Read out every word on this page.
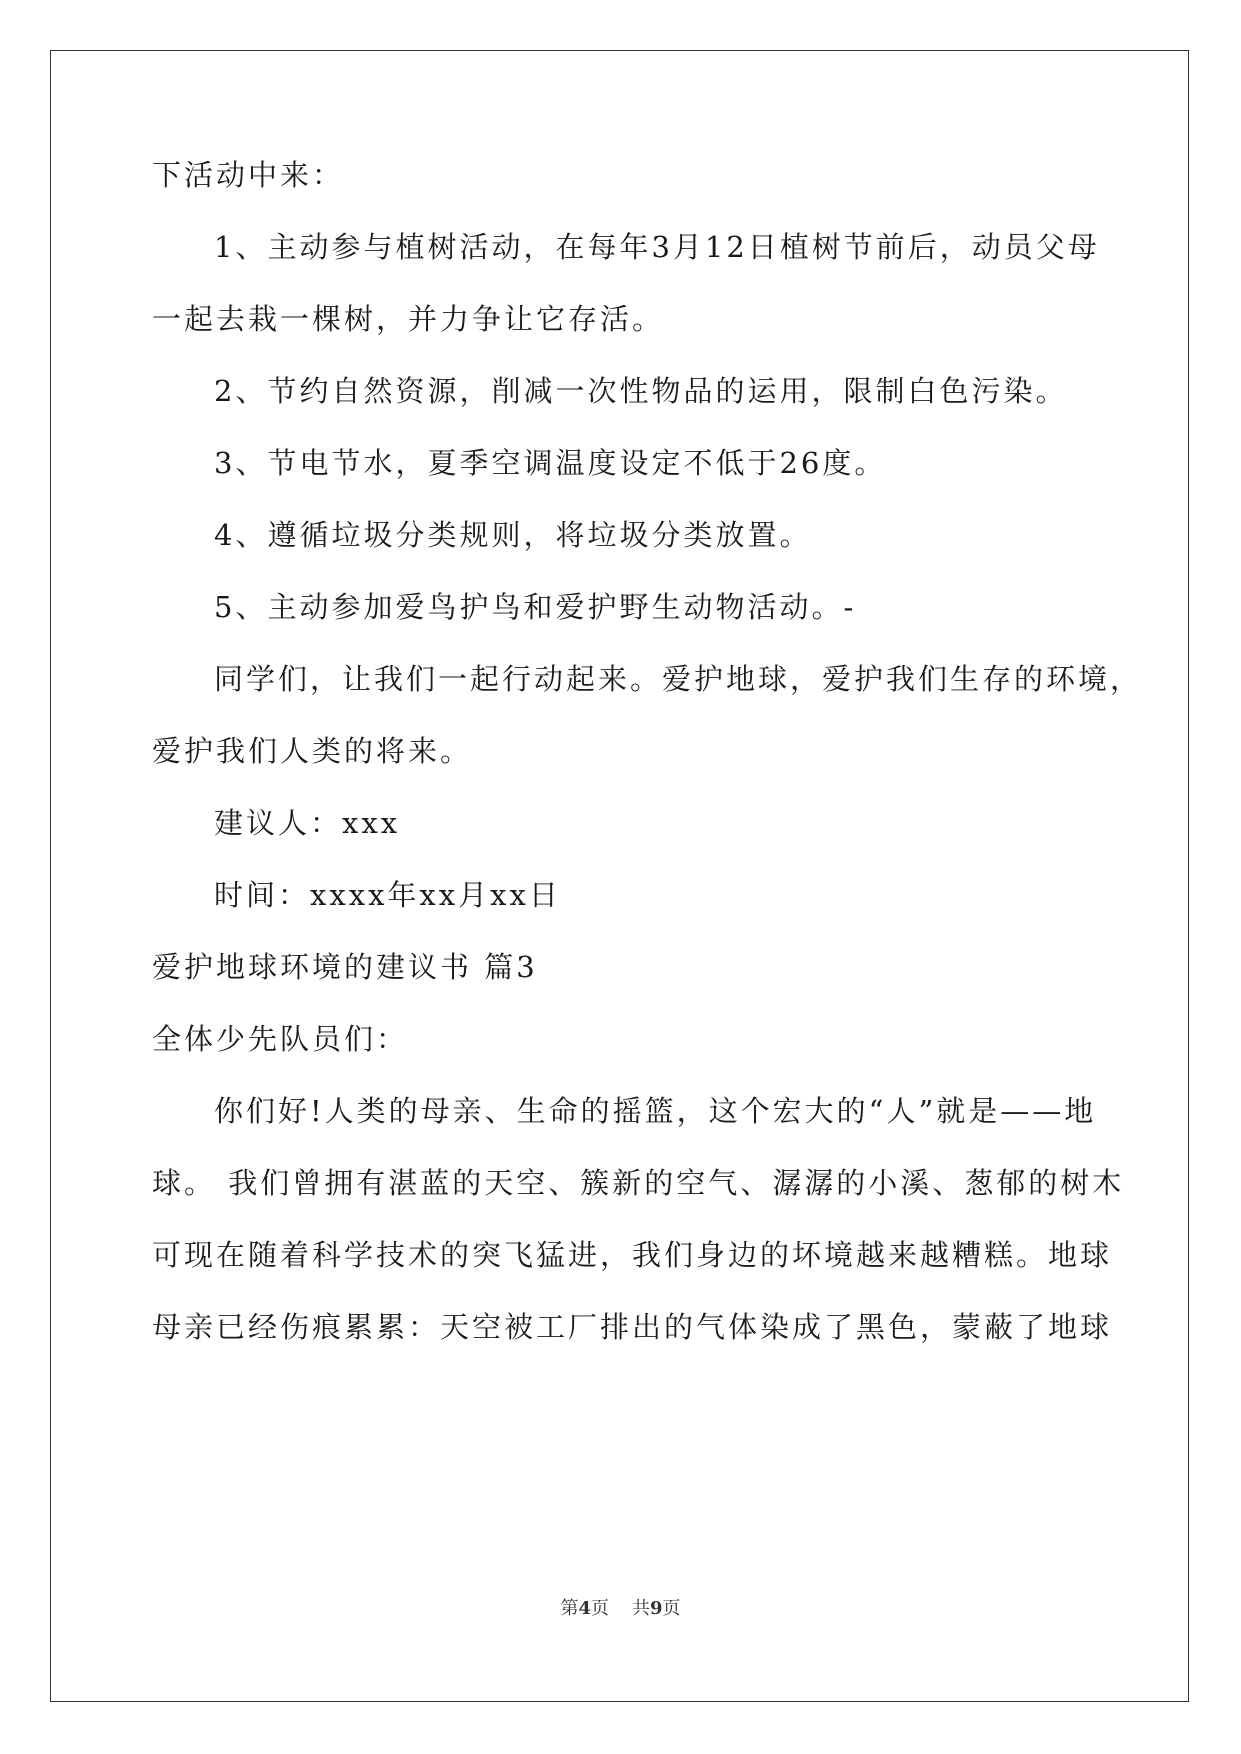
下活动中来：
1、主动参与植树活动，在每年3月12日植树节前后，动员父母
一起去栽一棵树，并力争让它存活。
2、节约自然资源，削减一次性物品的运用，限制白色污染。
3、节电节水，夏季空调温度设定不低于26度。
4、遵循垃圾分类规则，将垃圾分类放置。
5、主动参加爱鸟护鸟和爱护野生动物活动。-
同学们，让我们一起行动起来。爱护地球，爱护我们生存的环境，
爱护我们人类的将来。
建议人：xxx
时间：xxxx年xx月xx日
爱护地球环境的建议书 篇3
全体少先队员们：
你们好!人类的母亲、生命的摇篮，这个宏大的“人”就是——地
球。 我们曾拥有湛蓝的天空、簇新的空气、潺潺的小溪、葱郁的树木
可现在随着科学技术的突飞猛进，我们身边的坏境越来越糟糕。地球
母亲已经伤痕累累：天空被工厂排出的气体染成了黑色，蒙蔽了地球
第4页 共9页
